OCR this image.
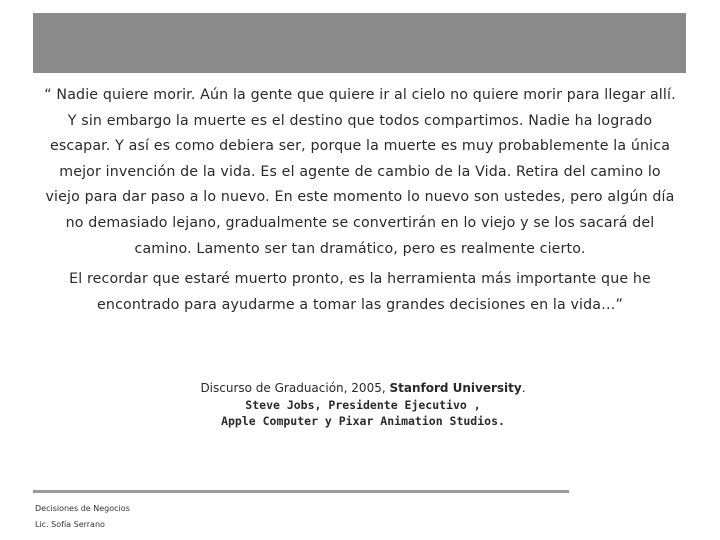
“ Nadie quiere morir. Aún la gente que quiere ir al cielo no quiere morir para llegar allí. Y sin embargo la muerte es el destino que todos compartimos. Nadie ha logrado escapar. Y así es como debiera ser, porque la muerte es muy probablemente la única mejor invención de la vida. Es el agente de cambio de la Vida. Retira del camino lo viejo para dar paso a lo nuevo. En este momento lo nuevo son ustedes, pero algún día no demasiado lejano, gradualmente se convertirán en lo viejo y se los sacará del camino. Lamento ser tan dramático, pero es realmente cierto.

El recordar que estaré muerto pronto, es la herramienta más importante que he encontrado para ayudarme a tomar las grandes decisiones en la vida…”

Discurso de Graduación, 2005, Stanford University.
Steve Jobs, Presidente Ejecutivo ,
Apple Computer y Pixar Animation Studios.
Decisiones de Negocios
Lic. Sofía Serrano
